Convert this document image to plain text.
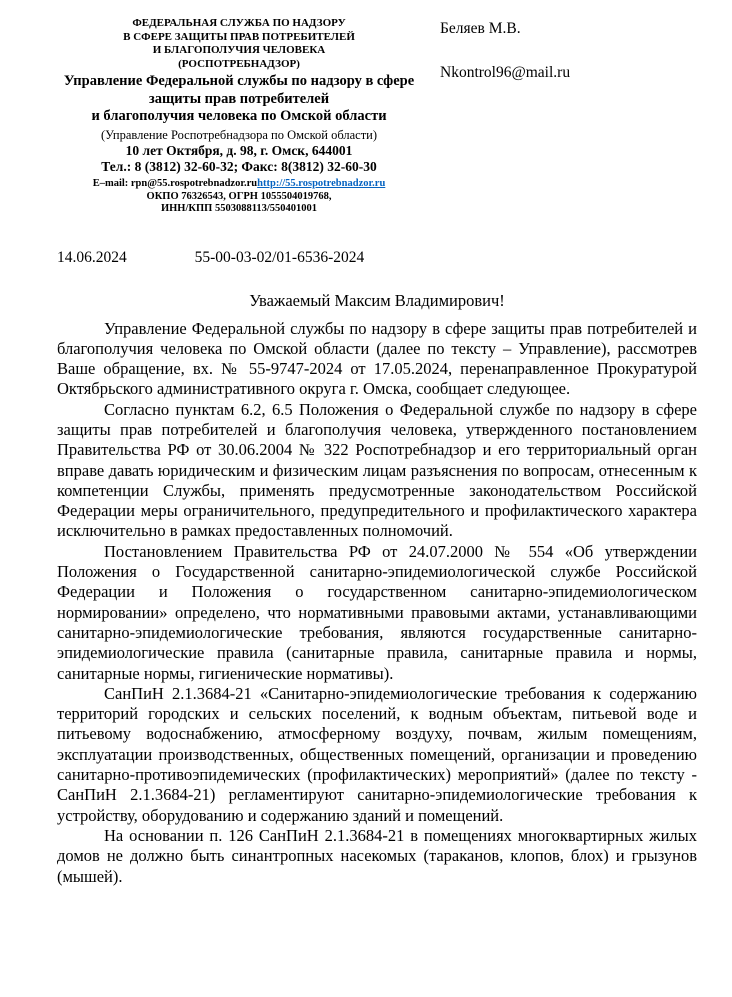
ФЕДЕРАЛЬНАЯ СЛУЖБА ПО НАДЗОРУ
В СФЕРЕ ЗАЩИТЫ ПРАВ ПОТРЕБИТЕЛЕЙ
И БЛАГОПОЛУЧИЯ ЧЕЛОВЕКА
(РОСПОТРЕБНАДЗОР)
Управление Федеральной службы по надзору в сфере
защиты прав потребителей
и благополучия человека по Омской области
(Управление Роспотребнадзора по Омской области)
10 лет Октября, д. 98, г. Омск, 644001
Тел.: 8 (3812) 32-60-32; Факс: 8(3812) 32-60-30
E–mail: rpn@55.rospotrebnadzor.ruhttp://55.rospotrebnadzor.ru
ОКПО 76326543, ОГРН 1055504019768,
ИНН/КПП 5503088113/550401001
Беляев М.В.
Nkontrol96@mail.ru
14.06.2024	55-00-03-02/01-6536-2024
Уважаемый Максим Владимирович!

Управление Федеральной службы по надзору в сфере защиты прав потребителей и благополучия человека по Омской области (далее по тексту – Управление), рассмотрев Ваше обращение, вх. № 55-9747-2024 от 17.05.2024, перенаправленное Прокуратурой Октябрьского административного округа г. Омска, сообщает следующее.

Согласно пунктам 6.2, 6.5 Положения о Федеральной службе по надзору в сфере защиты прав потребителей и благополучия человека, утвержденного постановлением Правительства РФ от 30.06.2004 № 322 Роспотребнадзор и его территориальный орган вправе давать юридическим и физическим лицам разъяснения по вопросам, отнесенным к компетенции Службы, применять предусмотренные законодательством Российской Федерации меры ограничительного, предупредительного и профилактического характера исключительно в рамках предоставленных полномочий.

Постановлением Правительства РФ от 24.07.2000 № 554 «Об утверждении Положения о Государственной санитарно-эпидемиологической службе Российской Федерации и Положения о государственном санитарно-эпидемиологическом нормировании» определено, что нормативными правовыми актами, устанавливающими санитарно-эпидемиологические требования, являются государственные санитарно-эпидемиологические правила (санитарные правила, санитарные правила и нормы, санитарные нормы, гигиенические нормативы).

СанПиН 2.1.3684-21 «Санитарно-эпидемиологические требования к содержанию территорий городских и сельских поселений, к водным объектам, питьевой воде и питьевому водоснабжению, атмосферному воздуху, почвам, жилым помещениям, эксплуатации производственных, общественных помещений, организации и проведению санитарно-противоэпидемических (профилактических) мероприятий» (далее по тексту - СанПиН 2.1.3684-21) регламентируют санитарно-эпидемиологические требования к устройству, оборудованию и содержанию зданий и помещений.

На основании п. 126 СанПиН 2.1.3684-21 в помещениях многоквартирных жилых домов не должно быть синантропных насекомых (тараканов, клопов, блох) и грызунов (мышей).
